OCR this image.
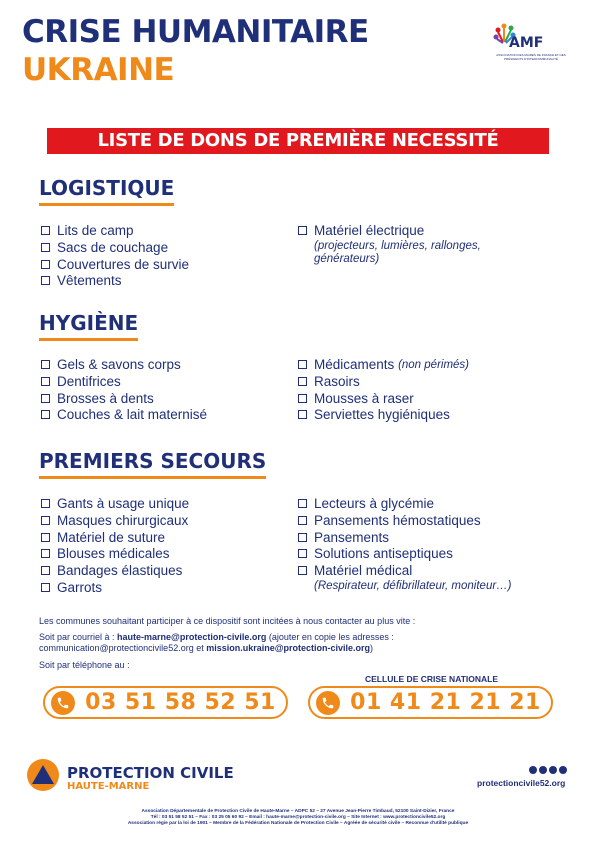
CRISE HUMANITAIRE
UKRAINE
AMF
ASSOCIATION DES MAIRES DE FRANCE ET DES PRÉSIDENTS D'INTERCOMMUNALITÉ
LISTE DE DONS DE PREMIÈRE NECESSITÉ
LOGISTIQUE
Lits de camp
Sacs de couchage
Couvertures de survie
Vêtements
Matériel électrique
(projecteurs, lumières, rallonges, générateurs)
HYGIÈNE
Gels & savons corps
Dentifrices
Brosses à dents
Couches & lait maternisé
Médicaments
(non périmés)
Rasoirs
Mousses à raser
Serviettes hygiéniques
PREMIERS SECOURS
Gants à usage unique
Masques chirurgicaux
Matériel de suture
Blouses médicales
Bandages élastiques
Garrots
Lecteurs à glycémie
Pansements hémostatiques
Pansements
Solutions antiseptiques
Matériel médical
(Respirateur, défibrillateur, moniteur…)
Les communes souhaitant participer à ce dispositif sont incitées à nous contacter au plus vite :
Soit par courriel à : haute-marne@protection-civile.org (ajouter en copie les adresses :
communication@protectioncivile52.org et mission.ukraine@protection-civile.org)
Soit par téléphone au :
CELLULE DE CRISE NATIONALE
03 51 58 52 51	01 41 21 21 21
PROTECTION CIVILE
HAUTE-MARNE	protectioncivile52.org
Association Départementale de Protection Civile de Haute-Marne – ADPC 52 – 27 Avenue Jean-Pierre Timbaud, 52100 Saint-Dizier, France
Tél : 03 51 58 52 51 – Fax : 03 25 05 60 92 – Email : haute-marne@protection-civile.org – Site Internet : www.protectioncivile52.org
Association régie par la loi de 1901 – Membre de la Fédération Nationale de Protection Civile – Agréée de sécurité civile – Reconnue d'utilité publique
